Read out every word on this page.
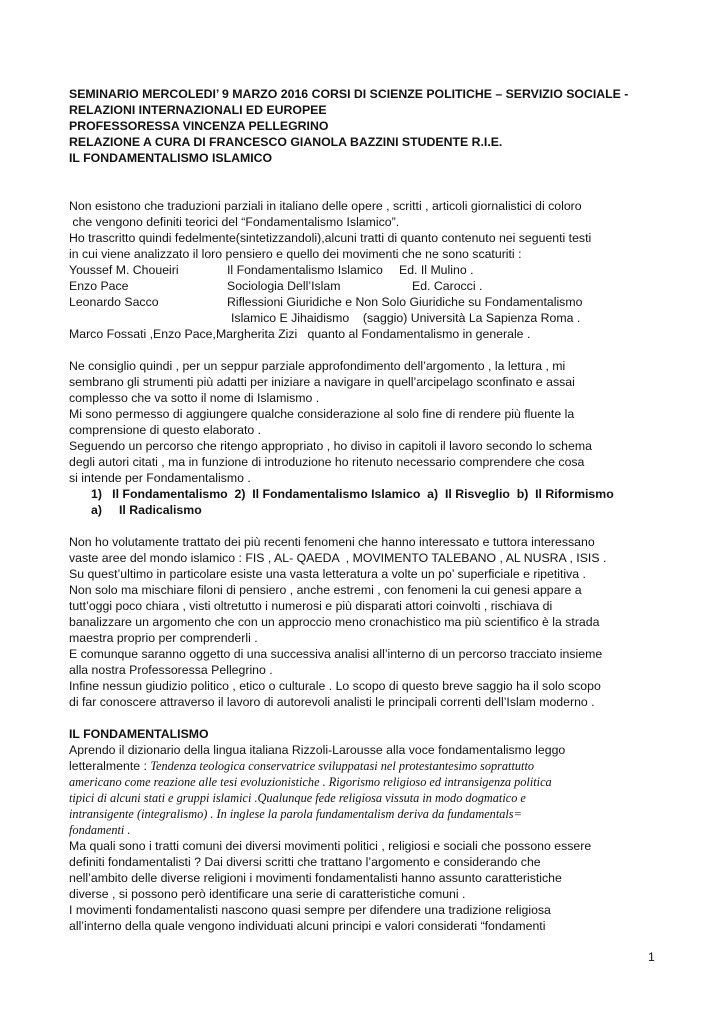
SEMINARIO MERCOLEDI’ 9 MARZO 2016 CORSI DI SCIENZE POLITICHE – SERVIZIO SOCIALE -
RELAZIONI INTERNAZIONALI ED EUROPEE
PROFESSORESSA VINCENZA PELLEGRINO
RELAZIONE A CURA DI FRANCESCO GIANOLA BAZZINI STUDENTE R.I.E.
IL FONDAMENTALISMO ISLAMICO
Non esistono che traduzioni parziali in italiano delle opere , scritti , articoli giornalistici di coloro
che vengono definiti teorici del “Fondamentalismo Islamico”.
Ho trascritto quindi fedelmente(sintetizzandoli),alcuni tratti di quanto contenuto nei seguenti testi
in cui viene analizzato il loro pensiero e quello dei movimenti che ne sono scaturiti :
Youssef M. Choueiri	Il Fondamentalismo Islamico Ed. Il Mulino .
Enzo Pace	Sociologia Dell’Islam	Ed. Carocci .
Leonardo Sacco	Riflessioni Giuridiche e Non Solo Giuridiche su Fondamentalismo
Islamico E Jihaidismo    (saggio) Università La Sapienza Roma .
Marco Fossati ,Enzo Pace,Margherita Zizi   quanto al Fondamentalismo in generale .
Ne consiglio quindi , per un seppur parziale approfondimento dell’argomento , la lettura , mi
sembrano gli strumenti più adatti per iniziare a navigare in quell’arcipelago sconfinato e assai
complesso che va sotto il nome di Islamismo .
Mi sono permesso di aggiungere qualche considerazione al solo fine di rendere più fluente la
comprensione di questo elaborato .
Seguendo un percorso che ritengo appropriato , ho diviso in capitoli il lavoro secondo lo schema
degli autori citati , ma in funzione di introduzione ho ritenuto necessario comprendere che cosa
si intende per Fondamentalismo .
1)   Il Fondamentalismo  2)  Il Fondamentalismo Islamico  a)  Il Risveglio  b)  Il Riformismo
a)     Il Radicalismo
Non ho volutamente trattato dei più recenti fenomeni che hanno interessato e tuttora interessano
vaste aree del mondo islamico : FIS , AL- QAEDA  , MOVIMENTO TALEBANO , AL NUSRA , ISIS .
Su quest’ultimo in particolare esiste una vasta letteratura a volte un po’ superficiale e ripetitiva .
Non solo ma mischiare filoni di pensiero , anche estremi , con fenomeni la cui genesi appare a
tutt’oggi poco chiara , visti oltretutto i numerosi e più disparati attori coinvolti , rischiava di
banalizzare un argomento che con un approccio meno cronachistico ma più scientifico è la strada
maestra proprio per comprenderli .
E comunque saranno oggetto di una successiva analisi all’interno di un percorso tracciato insieme
alla nostra Professoressa Pellegrino .
Infine nessun giudizio politico , etico o culturale . Lo scopo di questo breve saggio ha il solo scopo
di far conoscere attraverso il lavoro di autorevoli analisti le principali correnti dell’Islam moderno .
IL FONDAMENTALISMO
Aprendo il dizionario della lingua italiana Rizzoli-Larousse alla voce fondamentalismo leggo
letteralmente : Tendenza teologica conservatrice sviluppatasi nel protestantesimo soprattutto
americano come reazione alle tesi evoluzionistiche . Rigorismo religioso ed intransigenza politica
tipici di alcuni stati e gruppi islamici .Qualunque fede religiosa vissuta in modo dogmatico e
intransigente (integralismo) . In inglese la parola fundamentalism deriva da fundamentals=
fondamenti .
Ma quali sono i tratti comuni dei diversi movimenti politici , religiosi e sociali che possono essere
definiti fondamentalisti ? Dai diversi scritti che trattano l’argomento e considerando che
nell’ambito delle diverse religioni i movimenti fondamentalisti hanno assunto caratteristiche
diverse , si possono però identificare una serie di caratteristiche comuni .
I movimenti fondamentalisti nascono quasi sempre per difendere una tradizione religiosa
all’interno della quale vengono individuati alcuni principi e valori considerati “fondamenti
1
